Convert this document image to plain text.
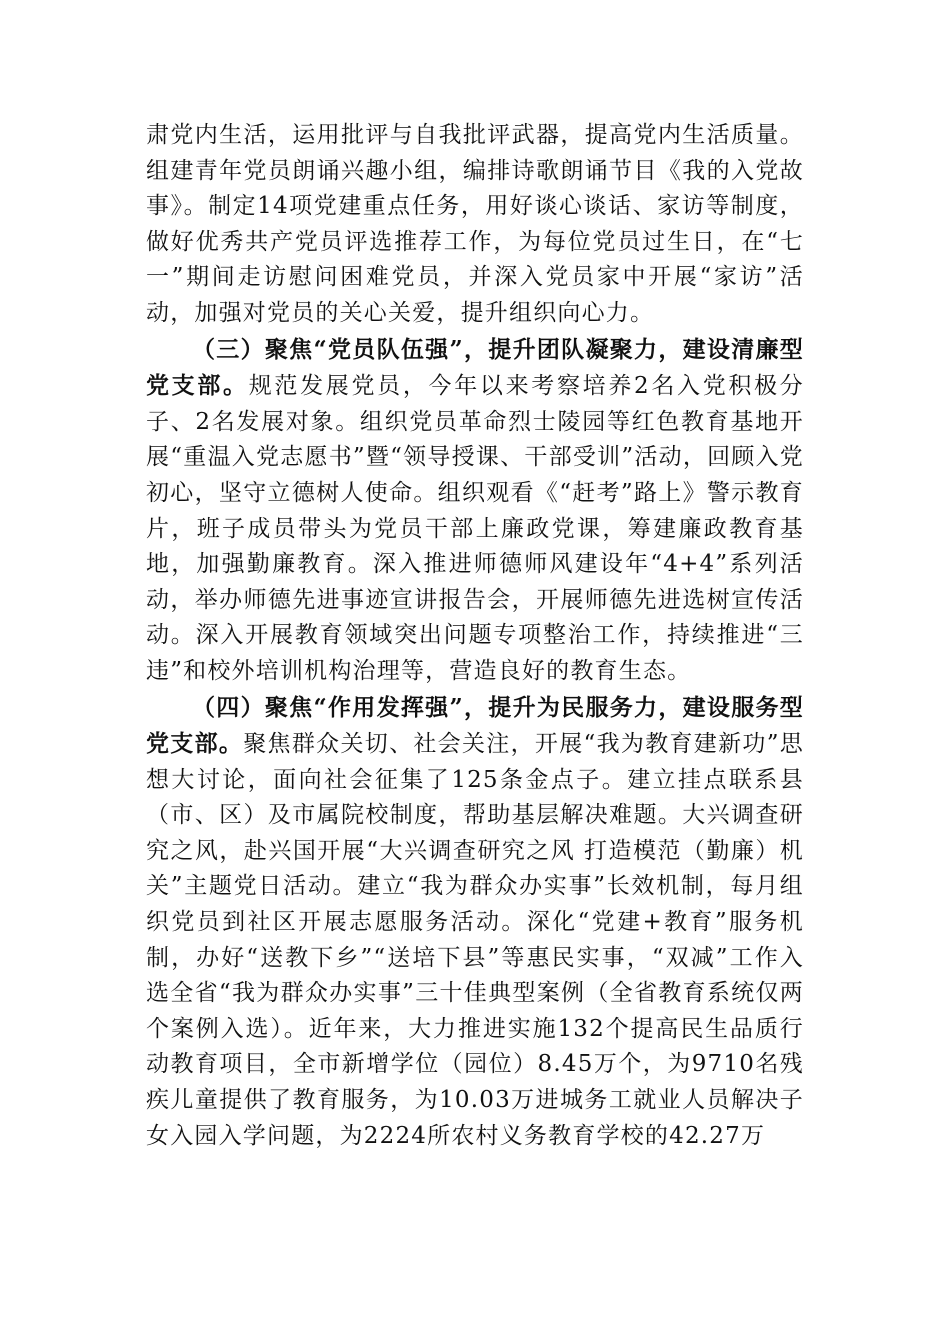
肃党内生活，运用批评与自我批评武器，提高党内生活质量。组建青年党员朗诵兴趣小组，编排诗歌朗诵节目《我的入党故事》。制定14项党建重点任务，用好谈心谈话、家访等制度，做好优秀共产党员评选推荐工作，为每位党员过生日，在“七一”期间走访慰问困难党员，并深入党员家中开展“家访”活动，加强对党员的关心关爱，提升组织向心力。

（三）聚焦“党员队伍强”，提升团队凝聚力，建设清廉型党支部。规范发展党员，今年以来考察培养2名入党积极分子、2名发展对象。组织党员革命烈士陵园等红色教育基地开展“重温入党志愿书”暨“领导授课、干部受训”活动，回顾入党初心，坚守立德树人使命。组织观看《“赶考”路上》警示教育片，班子成员带头为党员干部上廉政党课，筹建廉政教育基地，加强勤廉教育。深入推进师德师风建设年“4+4”系列活动，举办师德先进事迹宣讲报告会，开展师德先进选树宣传活动。深入开展教育领域突出问题专项整治工作，持续推进“三违”和校外培训机构治理等，营造良好的教育生态。

（四）聚焦“作用发挥强”，提升为民服务力，建设服务型党支部。聚焦群众关切、社会关注，开展“我为教育建新功”思想大讨论，面向社会征集了125条金点子。建立挂点联系县（市、区）及市属院校制度，帮助基层解决难题。大兴调查研究之风，赴兴国开展“大兴调查研究之风 打造模范（勤廉）机关”主题党日活动。建立“我为群众办实事”长效机制，每月组织党员到社区开展志愿服务活动。深化“党建+教育”服务机制，办好“送教下乡”“送培下县”等惠民实事，“双减”工作入选全省“我为群众办实事”三十佳典型案例（全省教育系统仅两个案例入选）。近年来，大力推进实施132个提高民生品质行动教育项目，全市新增学位（园位）8.45万个，为9710名残疾儿童提供了教育服务，为10.03万进城务工就业人员解决子女入园入学问题，为2224所农村义务教育学校的42.27万
